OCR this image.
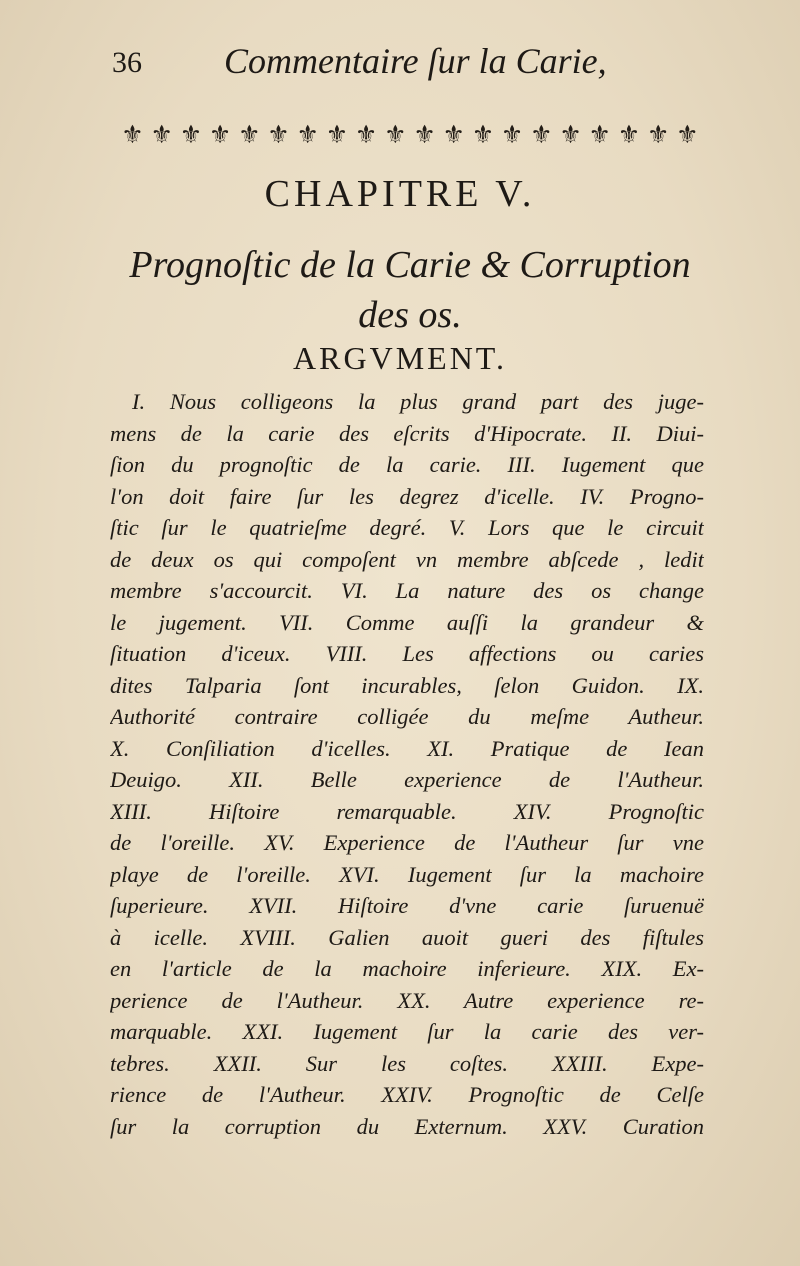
36 Commentaire ſur la Carie,
⚜ ⚜ ⚜ ⚜ ⚜ ⚜ ⚜ ⚜ ⚜ ⚜ ⚜ ⚜ ⚜ ⚜ ⚜ ⚜ ⚜ ⚜ ⚜ ⚜
CHAPITRE V.
Prognoſtic de la Carie & Corruption
des os.
ARGVMENT.
I. Nous colligeons la plus grand part des juge-
mens de la carie des eſcrits d'Hipocrate. II. Diui-
ſion du prognoſtic de la carie. III. Iugement que
l'on doit faire ſur les degrez d'icelle. IV. Progno-
ſtic ſur le quatrieſme degré. V. Lors que le circuit
de deux os qui compoſent vn membre abſcede , ledit
membre s'accourcit. VI. La nature des os change
le jugement. VII. Comme auſſi la grandeur &
ſituation d'iceux. VIII. Les affections ou caries
dites Talparia ſont incurables, ſelon Guidon. IX.
Authorité contraire colligée du meſme Autheur.
X. Conſiliation d'icelles. XI. Pratique de Iean
Deuigo. XII. Belle experience de l'Autheur.
XIII. Hiſtoire remarquable. XIV. Prognoſtic
de l'oreille. XV. Experience de l'Autheur ſur vne
playe de l'oreille. XVI. Iugement ſur la machoire
ſuperieure. XVII. Hiſtoire d'vne carie ſuruenuë
à icelle. XVIII. Galien auoit gueri des fiſtules
en l'article de la machoire inferieure. XIX. Ex-
perience de l'Autheur. XX. Autre experience re-
marquable. XXI. Iugement ſur la carie des ver-
tebres. XXII. Sur les coſtes. XXIII. Expe-
rience de l'Autheur. XXIV. Prognoſtic de Celſe
ſur la corruption du Externum. XXV. Curation
